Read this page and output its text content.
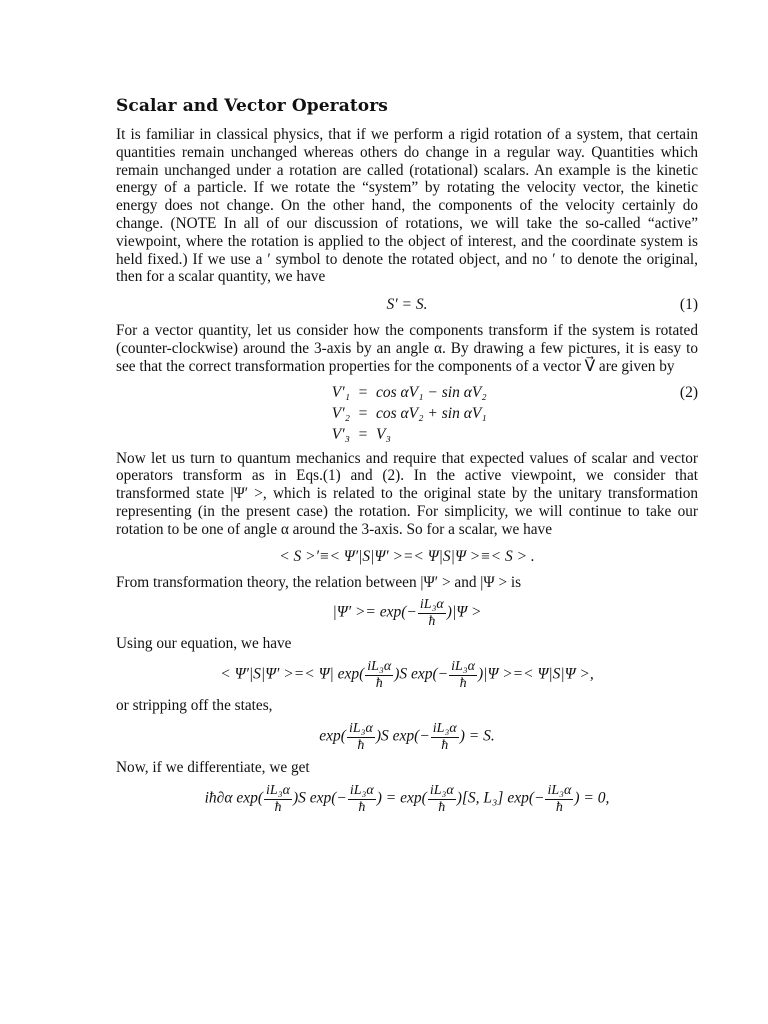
Scalar and Vector Operators

It is familiar in classical physics, that if we perform a rigid rotation of a system, that certain quantities remain unchanged whereas others do change in a regular way. Quantities which remain unchanged under a rotation are called (rotational) scalars. An example is the kinetic energy of a particle. If we rotate the “system” by rotating the velocity vector, the kinetic energy does not change. On the other hand, the components of the velocity certainly do change. (NOTE In all of our discussion of rotations, we will take the so-called “active” viewpoint, where the rotation is applied to the object of interest, and the coordinate system is held fixed.) If we use a ′ symbol to denote the rotated object, and no ′ to denote the original, then for a scalar quantity, we have

S′ = S.	(1)

For a vector quantity, let us consider how the components transform if the system is rotated (counter-clockwise) around the 3-axis by an angle α. By drawing a few pictures, it is easy to see that the correct transformation properties for the components of a vector V⃗ are given by

V′₁ = cos αV₁ − sin αV₂
V′₂ = cos αV₂ + sin αV₁
V′₃ = V₃
(2)

Now let us turn to quantum mechanics and require that expected values of scalar and vector operators transform as in Eqs.(1) and (2). In the active viewpoint, we consider that transformed state |Ψ′ >, which is related to the original state by the unitary transformation representing (in the present case) the rotation. For simplicity, we will continue to take our rotation to be one of angle α around the 3-axis. So for a scalar, we have

< S >′≡< Ψ′|S|Ψ′ >=< Ψ|S|Ψ >≡< S > .

From transformation theory, the relation between |Ψ′ > and |Ψ > is

$|\Psi' >= \exp(- \frac{\text{iL₃α}}{ħ} )|\Psi$ >

Using our equation, we have

< Ψ′|S|Ψ′ >=< Ψ| $\exp( \frac{\text{iL₃α}}{ħ} )S$ $\exp(- \frac{\text{iL₃α}}{ħ} )|\Psi$ >=< Ψ|S|Ψ >,

or stripping off the states,

$\exp( \frac{\text{iL₃α}}{ħ} )S$ $\exp(- \frac{\text{iL₃α}}{ħ}$ ) = S.

Now, if we differentiate, we get

iħ∂α $\exp( \frac{\text{iL₃α}}{ħ} )S$ $\exp(- \frac{\text{iL₃α}}{ħ}$ ) = $\exp( \frac{\text{iL₃α}}{ħ} )[S$, L₃] $\exp(- \frac{\text{iL₃α}}{ħ}$ ) = 0,
